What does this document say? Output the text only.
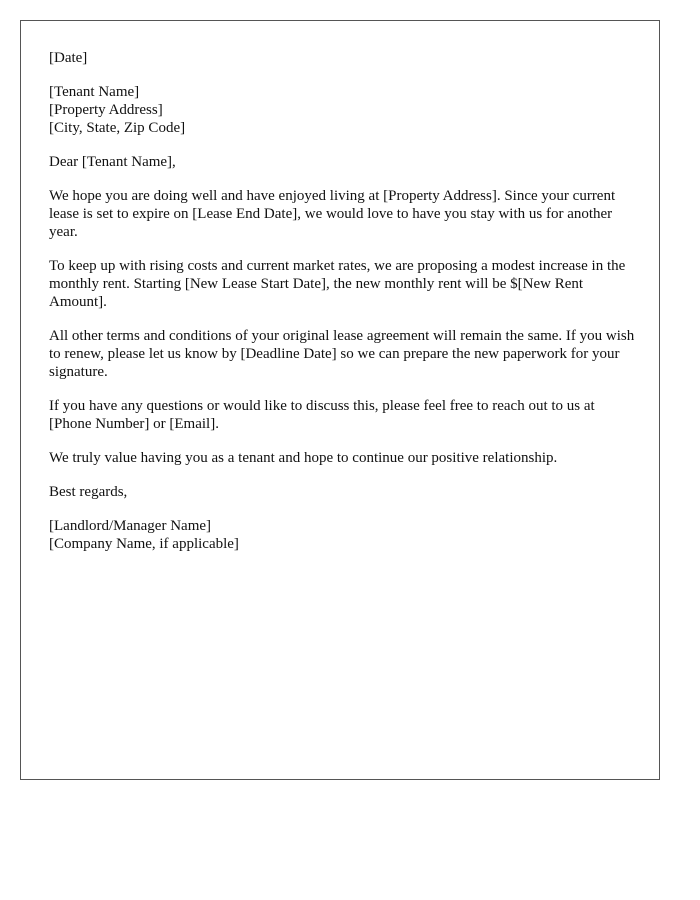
[Date]

[Tenant Name]
[Property Address]
[City, State, Zip Code]

Dear [Tenant Name],

We hope you are doing well and have enjoyed living at [Property Address]. Since your current lease is set to expire on [Lease End Date], we would love to have you stay with us for another year.

To keep up with rising costs and current market rates, we are proposing a modest increase in the monthly rent. Starting [New Lease Start Date], the new monthly rent will be $[New Rent Amount].

All other terms and conditions of your original lease agreement will remain the same. If you wish to renew, please let us know by [Deadline Date] so we can prepare the new paperwork for your signature.

If you have any questions or would like to discuss this, please feel free to reach out to us at [Phone Number] or [Email].

We truly value having you as a tenant and hope to continue our positive relationship.

Best regards,

[Landlord/Manager Name]
[Company Name, if applicable]
